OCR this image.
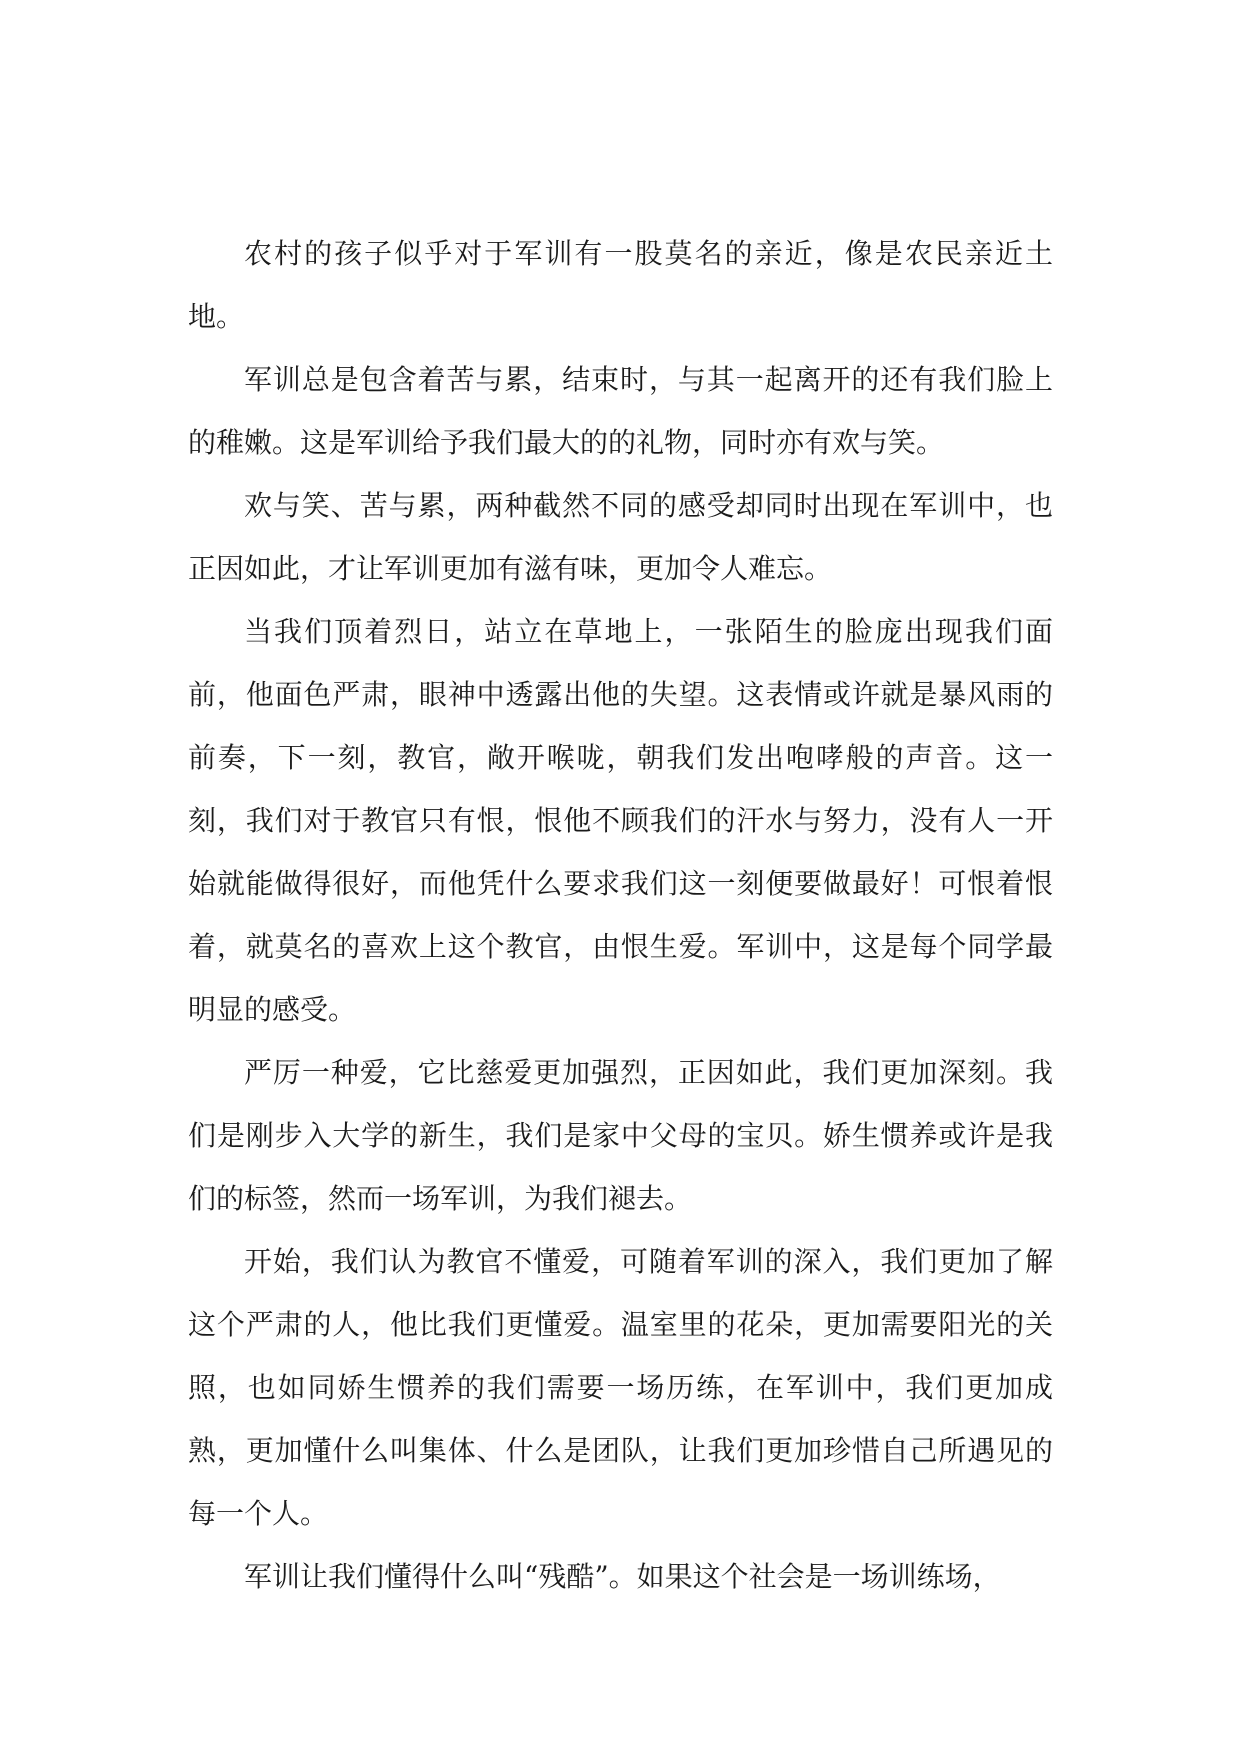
农村的孩子似乎对于军训有一股莫名的亲近，像是农民亲近土地。

军训总是包含着苦与累，结束时，与其一起离开的还有我们脸上的稚嫩。这是军训给予我们最大的的礼物，同时亦有欢与笑。

欢与笑、苦与累，两种截然不同的感受却同时出现在军训中，也正因如此，才让军训更加有滋有味，更加令人难忘。

当我们顶着烈日，站立在草地上，一张陌生的脸庞出现我们面前，他面色严肃，眼神中透露出他的失望。这表情或许就是暴风雨的前奏，下一刻，教官，敞开喉咙，朝我们发出咆哮般的声音。这一刻，我们对于教官只有恨，恨他不顾我们的汗水与努力，没有人一开始就能做得很好，而他凭什么要求我们这一刻便要做最好！可恨着恨着，就莫名的喜欢上这个教官，由恨生爱。军训中，这是每个同学最明显的感受。

严厉一种爱，它比慈爱更加强烈，正因如此，我们更加深刻。我们是刚步入大学的新生，我们是家中父母的宝贝。娇生惯养或许是我们的标签，然而一场军训，为我们褪去。

开始，我们认为教官不懂爱，可随着军训的深入，我们更加了解这个严肃的人，他比我们更懂爱。温室里的花朵，更加需要阳光的关照，也如同娇生惯养的我们需要一场历练，在军训中，我们更加成熟，更加懂什么叫集体、什么是团队，让我们更加珍惜自己所遇见的每一个人。

军训让我们懂得什么叫“残酷”。如果这个社会是一场训练场，
